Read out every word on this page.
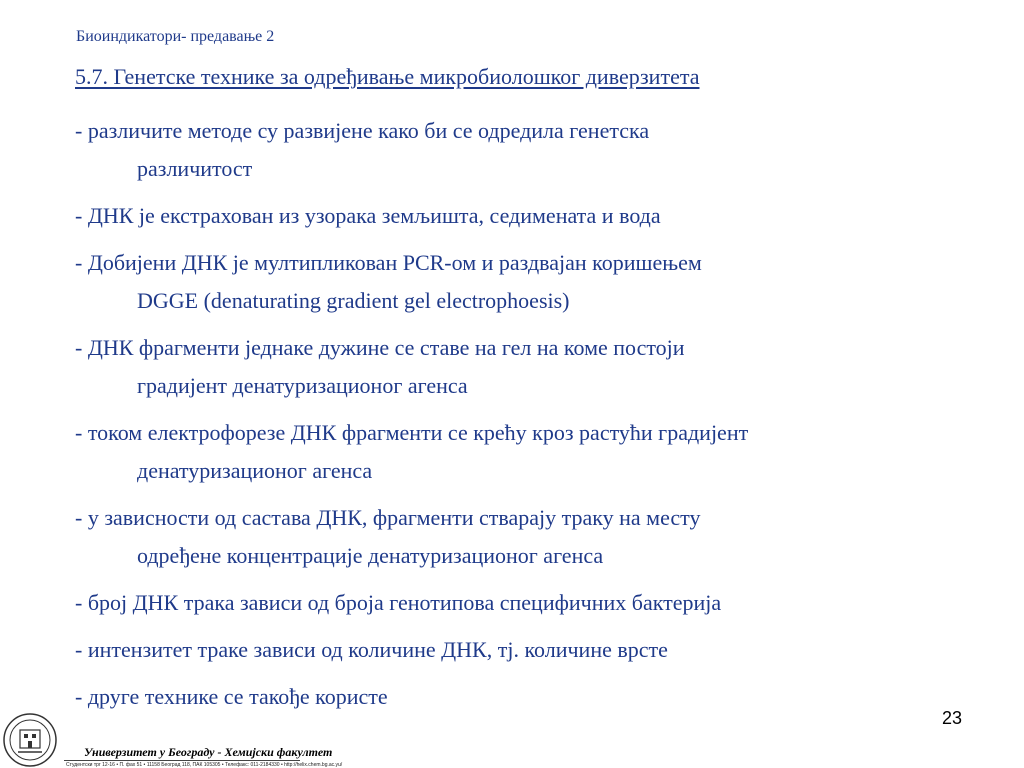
Биоиндикатори- предавање 2
5.7. Генетске технике за одређивање микробиолошког диверзитета
- различите методе су развијене како би се одредила генетска
различитост
- ДНК је екстрахован из узорака земљишта, седимената и вода
- Добијени ДНК је мултипликован PCR-ом и раздвајан коришењем
DGGE (denaturating gradient gel electrophoesis)
- ДНК фрагменти једнаке дужине се ставе на гел на коме постоји
градијент денатуризационог агенса
- током електрофорезе ДНК фрагменти се крећу кроз растући градијент
денатуризационог агенса
- у зависности од састава ДНК, фрагменти стварају траку на месту
одређене концентрације денатуризационог агенса
- број ДНК трака зависи од броја генотипова специфичних бактерија
- интензитет траке зависи од количине ДНК, тј. количине врсте
- друге технике се такође користе
23
Универзитет у Београду - Хемијски факултет
Студентски трг 12-16 • П. фах 51 • 11158 Београд 118, ПАК 105305 • Телефакс: 011-2184330 • http://helix.chem.bg.ac.yu/
